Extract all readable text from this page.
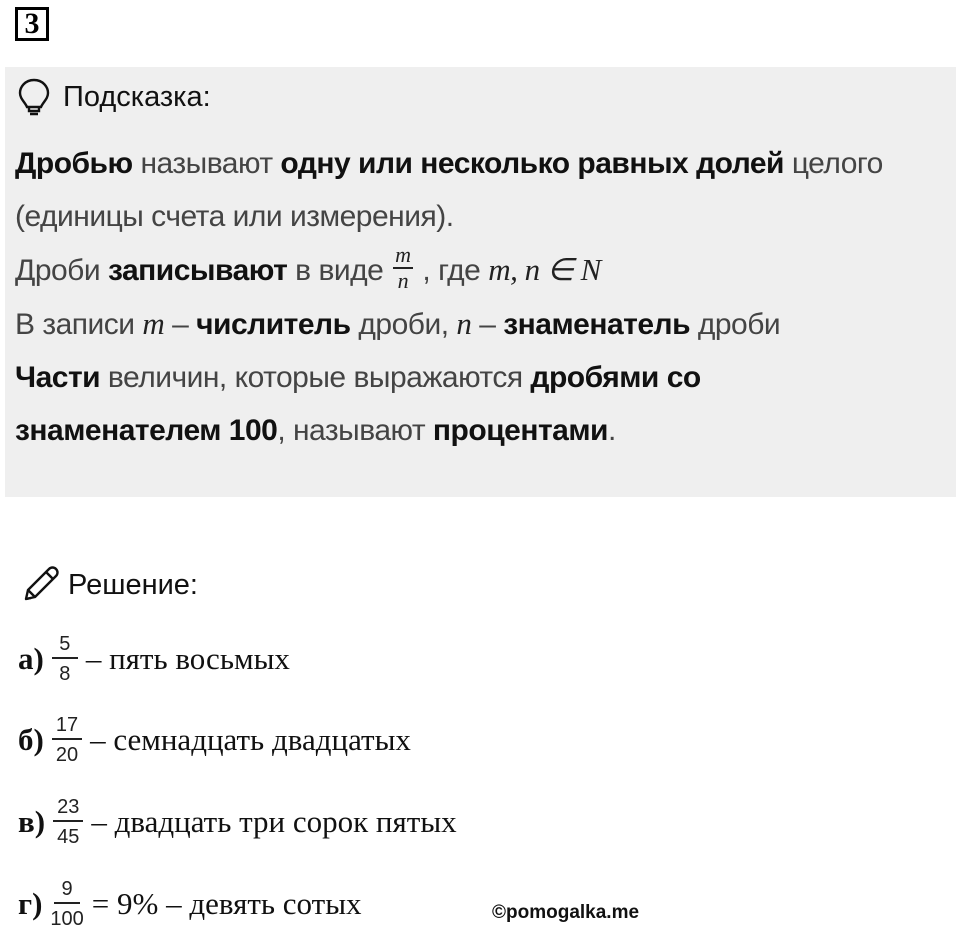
3
Подсказка:
Дробью называют одну или несколько равных долей целого
(единицы счета или измерения).
Дроби записывают в виде $\frac{m}{n}$ , где m, n ∈ N
В записи m – числитель дроби, n – знаменатель дроби
Части величин, которые выражаются дробями со
знаменателем 100, называют процентами.
Решение:
$а) \frac{5}{8}$ – пять восьмых
$б) \frac{17}{20}$ – семнадцать двадцатых
$в) \frac{23}{45}$ – двадцать три сорок пятых
$г) \frac{9}{100} = 9\%$ – девять сотых	©pomogalka.me
